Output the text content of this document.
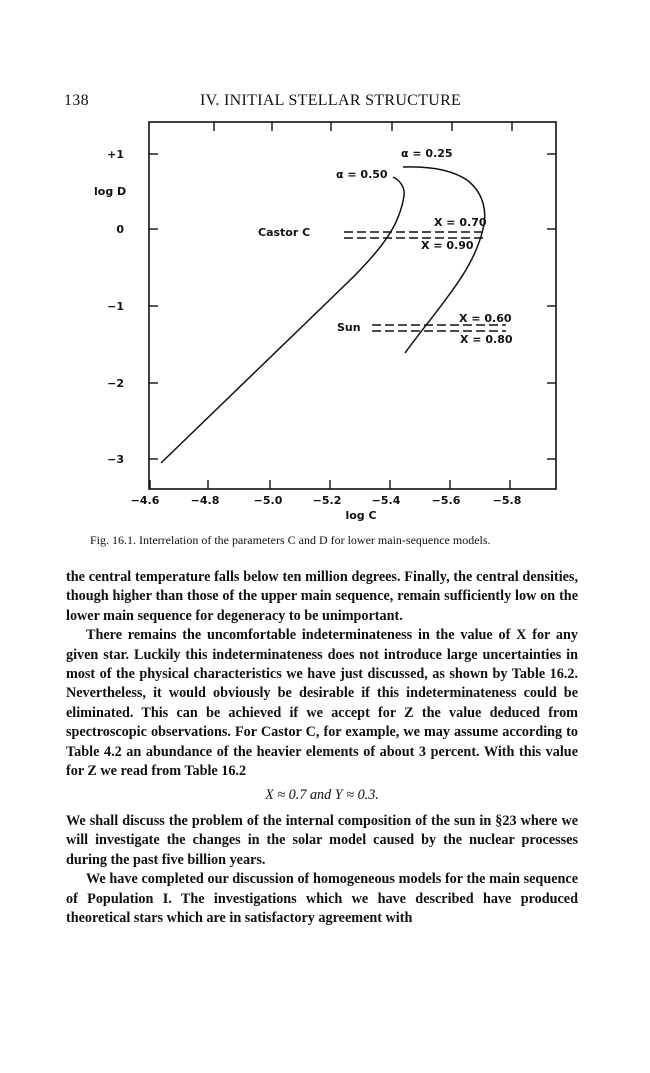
138	IV. INITIAL STELLAR STRUCTURE
+1
0
−1
−2
−3
log D
−4.6	−4.8	−5.0	−5.2	−5.4	−5.6	−5.8
log C
α = 0.50
α = 0.25
Castor C
Sun
X = 0.70
X = 0.90
X = 0.60
X = 0.80
Fig. 16.1. Interrelation of the parameters C and D for lower main-sequence models.

the central temperature falls below ten million degrees. Finally, the central densities, though higher than those of the upper main sequence, remain sufficiently low on the lower main sequence for degeneracy to be unimportant.

There remains the uncomfortable indeterminateness in the value of X for any given star. Luckily this indeterminateness does not introduce large uncertainties in most of the physical characteristics we have just discussed, as shown by Table 16.2. Nevertheless, it would obviously be desirable if this indeterminateness could be eliminated. This can be achieved if we accept for Z the value deduced from spectroscopic observations. For Castor C, for example, we may assume according to Table 4.2 an abundance of the heavier elements of about 3 percent. With this value for Z we read from Table 16.2

X ≈ 0.7 and Y ≈ 0.3.

We shall discuss the problem of the internal composition of the sun in §23 where we will investigate the changes in the solar model caused by the nuclear processes during the past five billion years.

We have completed our discussion of homogeneous models for the main sequence of Population I. The investigations which we have described have produced theoretical stars which are in satisfactory agreement with
